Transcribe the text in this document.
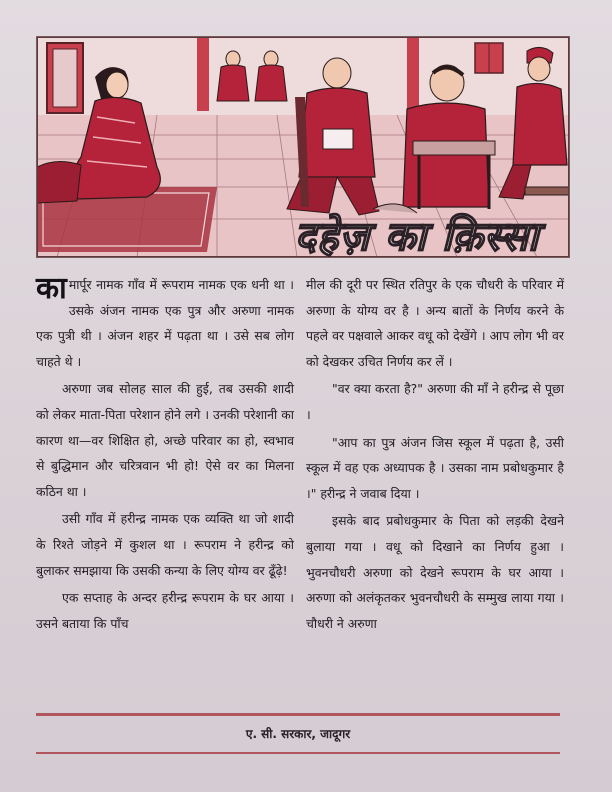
दहेज़ का क़िस्सा

कामार्पूर नामक गाँव में रूपराम नामक एक धनी था । उसके अंजन नामक एक पुत्र और अरुणा नामक एक पुत्री थी । अंजन शहर में पढ़ता था । उसे सब लोग चाहते थे ।

अरुणा जब सोलह साल की हुई, तब उसकी शादी को लेकर माता-पिता परेशान होने लगे । उनकी परेशानी का कारण था—वर शिक्षित हो, अच्छे परिवार का हो, स्वभाव से बुद्धिमान और चरित्रवान भी हो! ऐसे वर का मिलना कठिन था ।

उसी गाँव में हरीन्द्र नामक एक व्यक्ति था जो शादी के रिश्ते जोड़ने में कुशल था । रूपराम ने हरीन्द्र को बुलाकर समझाया कि उसकी कन्या के लिए योग्य वर ढूँढ़े!

एक सप्ताह के अन्दर हरीन्द्र रूपराम के घर आया । उसने बताया कि पाँच

मील की दूरी पर स्थित रतिपुर के एक चौधरी के परिवार में अरुणा के योग्य वर है । अन्य बातों के निर्णय करने के पहले वर पक्षवाले आकर वधू को देखेंगे । आप लोग भी वर को देखकर उचित निर्णय कर लें ।

"वर क्या करता है?" अरुणा की माँ ने हरीन्द्र से पूछा ।

"आप का पुत्र अंजन जिस स्कूल में पढ़ता है, उसी स्कूल में वह एक अध्यापक है । उसका नाम प्रबोधकुमार है ।" हरीन्द्र ने जवाब दिया ।

इसके बाद प्रबोधकुमार के पिता को लड़की देखने बुलाया गया । वधू को दिखाने का निर्णय हुआ । भुवनचौधरी अरुणा को देखने रूपराम के घर आया । अरुणा को अलंकृतकर भुवनचौधरी के सम्मुख लाया गया । चौधरी ने अरुणा

ए. सी. सरकार, जादूगर
